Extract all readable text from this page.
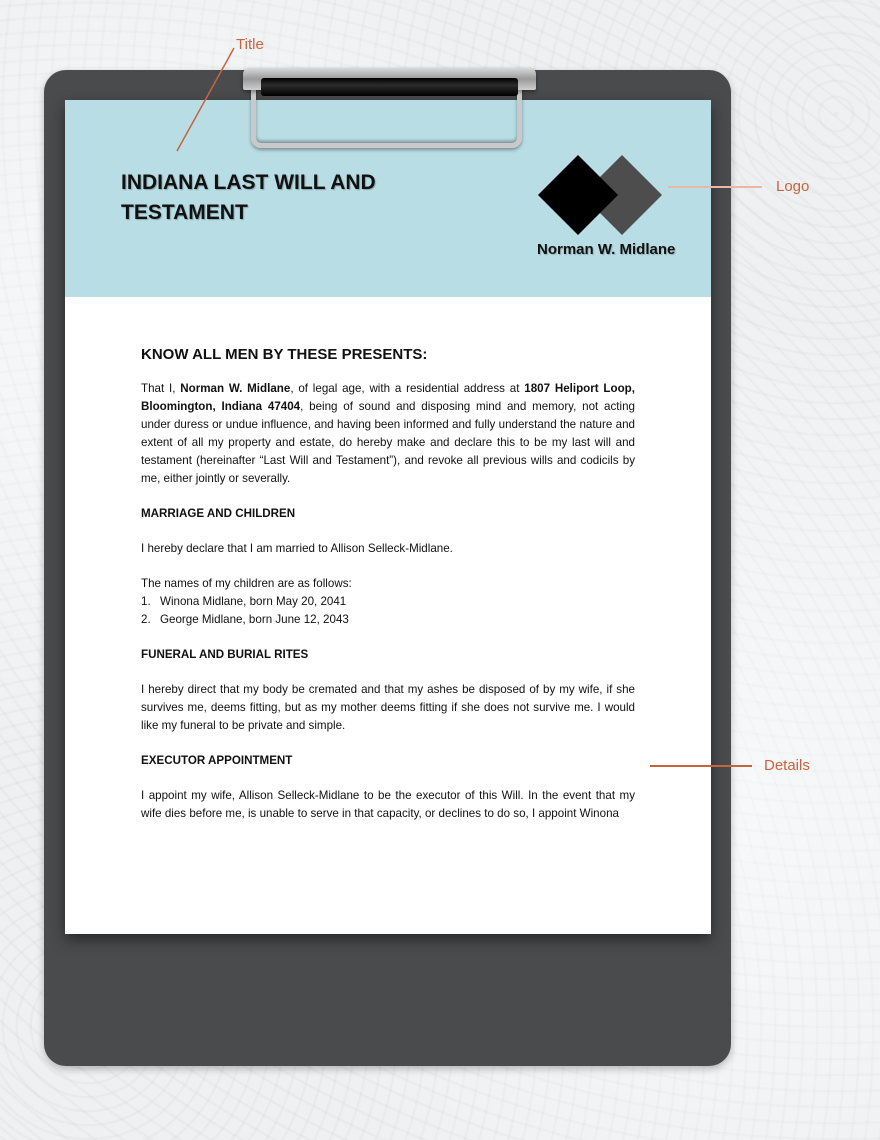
INDIANA LAST WILL AND TESTAMENT
Norman W. Midlane
KNOW ALL MEN BY THESE PRESENTS:

That I, Norman W. Midlane, of legal age, with a residential address at 1807 Heliport Loop, Bloomington, Indiana 47404, being of sound and disposing mind and memory, not acting under duress or undue influence, and having been informed and fully understand the nature and extent of all my property and estate, do hereby make and declare this to be my last will and testament (hereinafter “Last Will and Testament”), and revoke all previous wills and codicils by me, either jointly or severally.

MARRIAGE AND CHILDREN

I hereby declare that I am married to Allison Selleck-Midlane.

The names of my children are as follows:

1. Winona Midlane, born May 20, 2041
2. George Midlane, born June 12, 2043
FUNERAL AND BURIAL RITES

I hereby direct that my body be cremated and that my ashes be disposed of by my wife, if she survives me, deems fitting, but as my mother deems fitting if she does not survive me. I would like my funeral to be private and simple.

EXECUTOR APPOINTMENT

I appoint my wife, Allison Selleck-Midlane to be the executor of this Will. In the event that my wife dies before me, is unable to serve in that capacity, or declines to do so, I appoint Winona

Title
Logo
Details
